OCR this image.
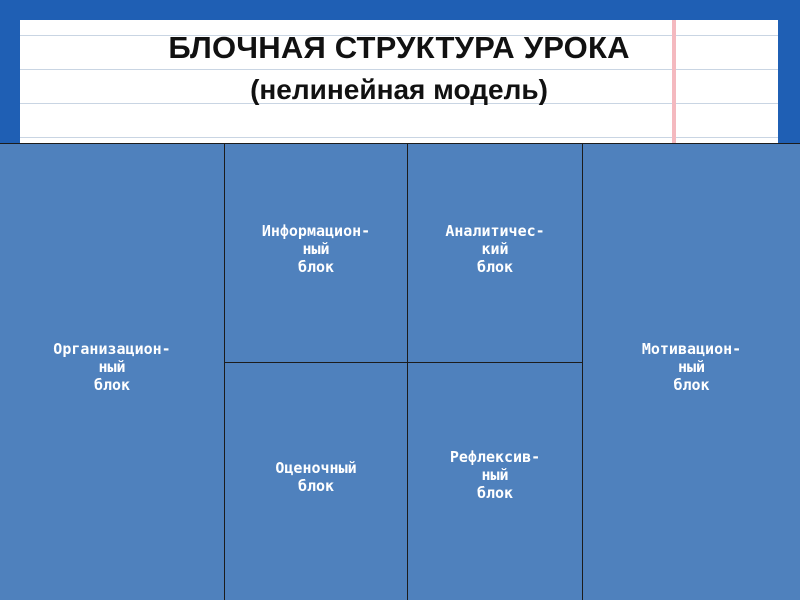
БЛОЧНАЯ СТРУКТУРА УРОКА
(нелинейная модель)
Организацион-
ный
блок
Информацион-
ный
блок
Аналитичес-
кий
блок
Оценочный
блок
Рефлексив-
ный
блок
Мотивацион-
ный
блок
